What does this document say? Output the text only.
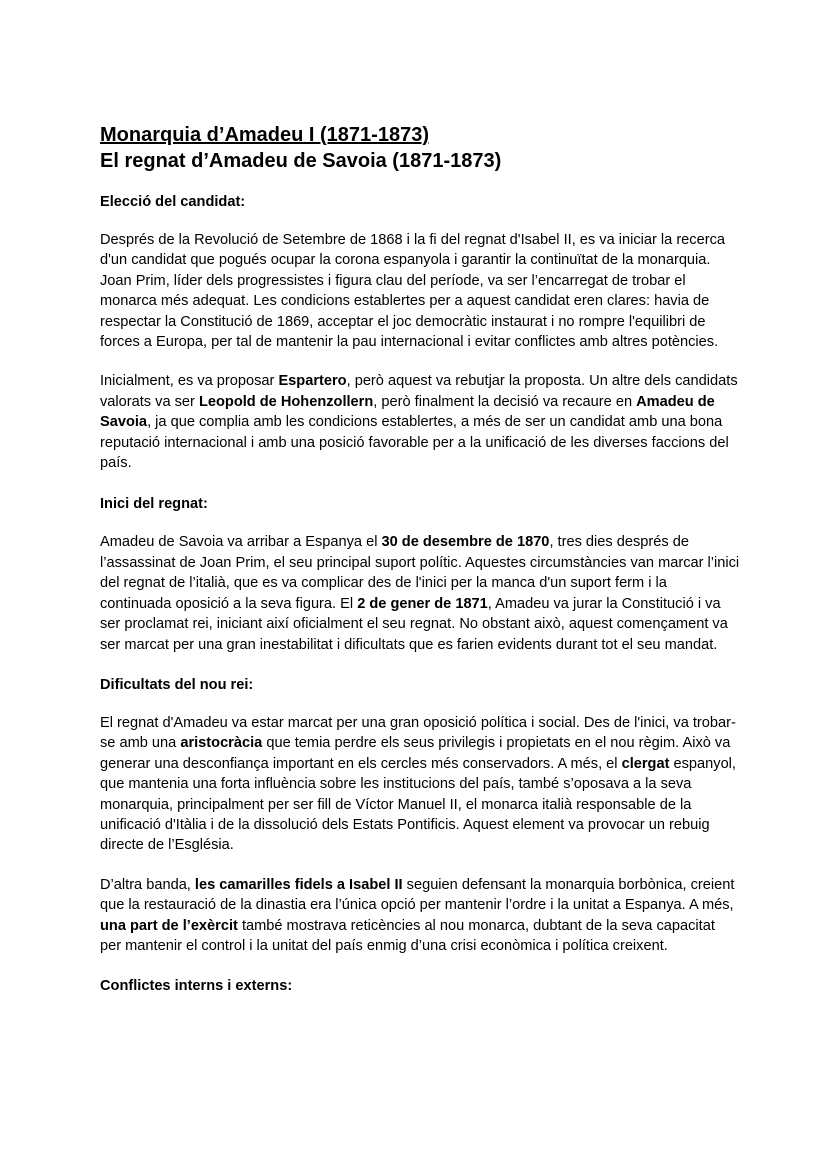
Monarquia d’Amadeu I (1871-1873)
El regnat d’Amadeu de Savoia (1871-1873)
Elecció del candidat:

Després de la Revolució de Setembre de 1868 i la fi del regnat d'Isabel II, es va iniciar la recerca d'un candidat que pogués ocupar la corona espanyola i garantir la continuïtat de la monarquia. Joan Prim, líder dels progressistes i figura clau del període, va ser l’encarregat de trobar el monarca més adequat. Les condicions establertes per a aquest candidat eren clares: havia de respectar la Constitució de 1869, acceptar el joc democràtic instaurat i no rompre l'equilibri de forces a Europa, per tal de mantenir la pau internacional i evitar conflictes amb altres potències.

Inicialment, es va proposar Espartero, però aquest va rebutjar la proposta. Un altre dels candidats valorats va ser Leopold de Hohenzollern, però finalment la decisió va recaure en Amadeu de Savoia, ja que complia amb les condicions establertes, a més de ser un candidat amb una bona reputació internacional i amb una posició favorable per a la unificació de les diverses faccions del país.

Inici del regnat:

Amadeu de Savoia va arribar a Espanya el 30 de desembre de 1870, tres dies després de l’assassinat de Joan Prim, el seu principal suport polític. Aquestes circumstàncies van marcar l’inici del regnat de l’italià, que es va complicar des de l'inici per la manca d'un suport ferm i la continuada oposició a la seva figura. El 2 de gener de 1871, Amadeu va jurar la Constitució i va ser proclamat rei, iniciant així oficialment el seu regnat. No obstant això, aquest començament va ser marcat per una gran inestabilitat i dificultats que es farien evidents durant tot el seu mandat.

Dificultats del nou rei:

El regnat d'Amadeu va estar marcat per una gran oposició política i social. Des de l'inici, va trobar-se amb una aristocràcia que temia perdre els seus privilegis i propietats en el nou règim. Això va generar una desconfiança important en els cercles més conservadors. A més, el clergat espanyol, que mantenia una forta influència sobre les institucions del país, també s’oposava a la seva monarquia, principalment per ser fill de Víctor Manuel II, el monarca italià responsable de la unificació d'Itàlia i de la dissolució dels Estats Pontificis. Aquest element va provocar un rebuig directe de l’Església.

D’altra banda, les camarilles fidels a Isabel II seguien defensant la monarquia borbònica, creient que la restauració de la dinastia era l’única opció per mantenir l’ordre i la unitat a Espanya. A més, una part de l’exèrcit també mostrava reticències al nou monarca, dubtant de la seva capacitat per mantenir el control i la unitat del país enmig d’una crisi econòmica i política creixent.

Conflictes interns i externs:
